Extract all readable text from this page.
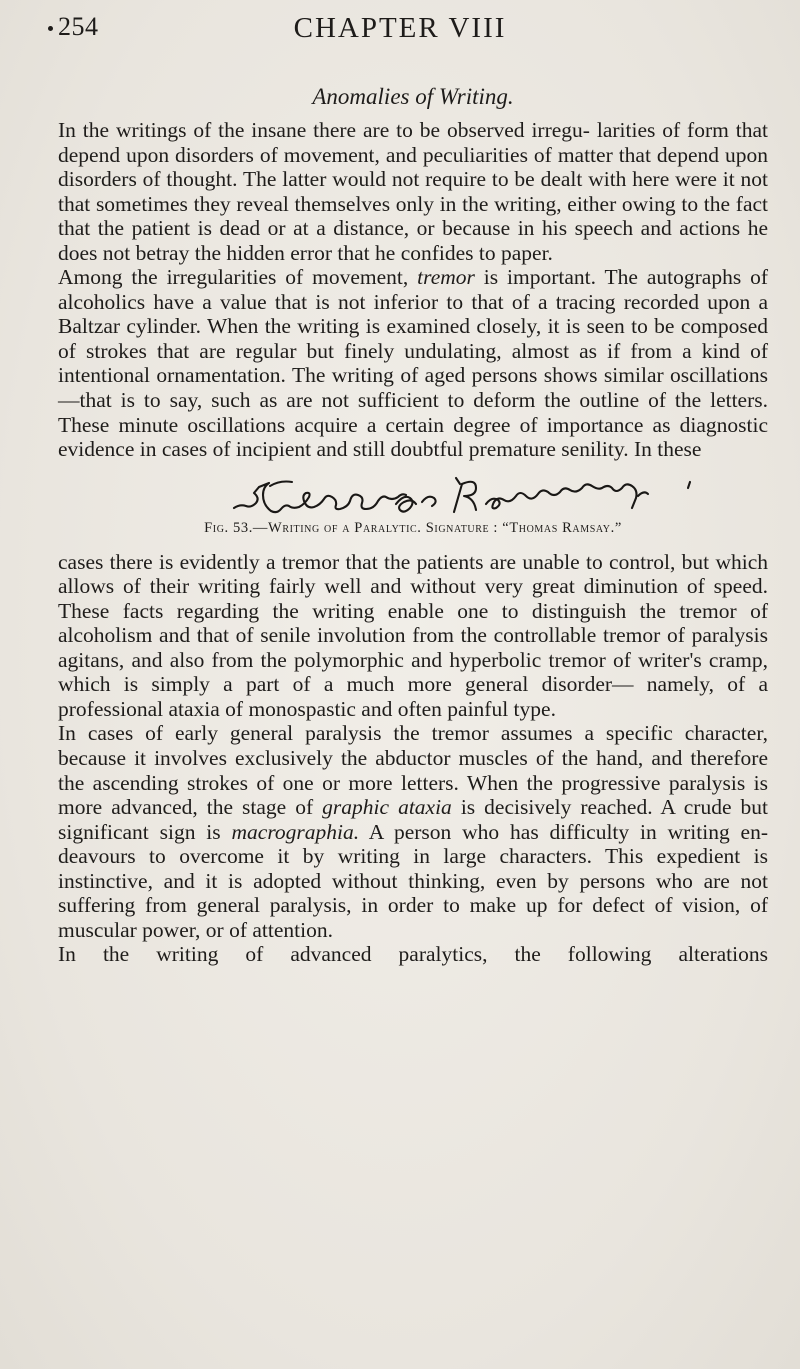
254	CHAPTER VIII
Anomalies of Writing.

In the writings of the insane there are to be observed irregu- larities of form that depend upon disorders of movement, and peculiarities of matter that depend upon disorders of thought. The latter would not require to be dealt with here were it not that sometimes they reveal themselves only in the writing, either owing to the fact that the patient is dead or at a distance, or because in his speech and actions he does not betray the hidden error that he confides to paper.

Among the irregularities of movement, tremor is important. The autographs of alcoholics have a value that is not inferior to that of a tracing recorded upon a Baltzar cylinder. When the writing is examined closely, it is seen to be composed of strokes that are regular but finely undulating, almost as if from a kind of intentional ornamentation. The writing of aged persons shows similar oscillations—that is to say, such as are not sufficient to deform the outline of the letters. These minute oscillations acquire a certain degree of importance as diagnostic evidence in cases of incipient and still doubtful premature senility. In these

Fig. 53.—Writing of a Paralytic. Signature : “Thomas Ramsay.”

cases there is evidently a tremor that the patients are unable to control, but which allows of their writing fairly well and without very great diminution of speed. These facts regarding the writing enable one to distinguish the tremor of alcoholism and that of senile involution from the controllable tremor of paralysis agitans, and also from the polymorphic and hyperbolic tremor of writer's cramp, which is simply a part of a much more general disorder— namely, of a professional ataxia of monospastic and often painful type.

In cases of early general paralysis the tremor assumes a specific character, because it involves exclusively the abductor muscles of the hand, and therefore the ascending strokes of one or more letters. When the progressive paralysis is more advanced, the stage of graphic ataxia is decisively reached. A crude but significant sign is macrographia. A person who has difficulty in writing en- deavours to overcome it by writing in large characters. This expedient is instinctive, and it is adopted without thinking, even by persons who are not suffering from general paralysis, in order to make up for defect of vision, of muscular power, or of attention.

In the writing of advanced paralytics, the following alterations
